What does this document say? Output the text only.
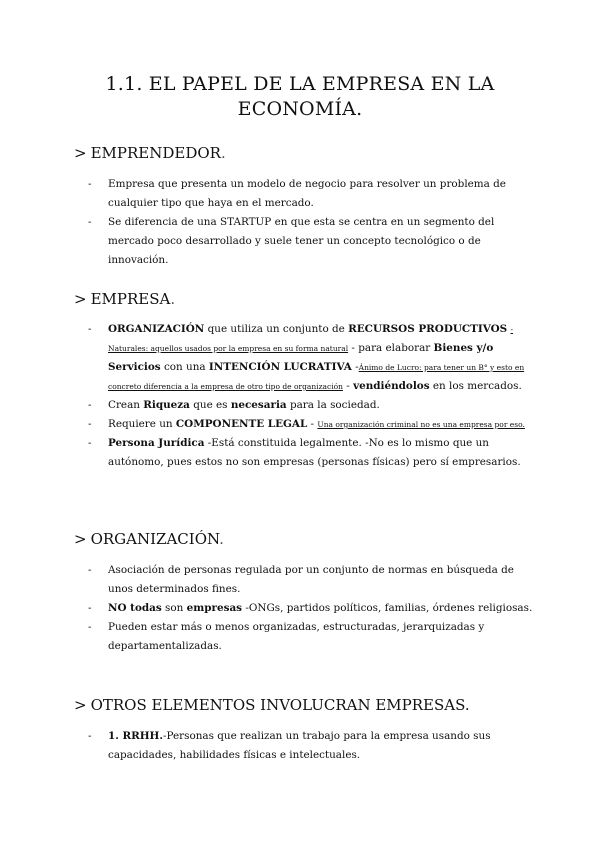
1.1. EL PAPEL DE LA EMPRESA EN LA
ECONOMÍA.
> EMPRENDEDOR.
- Empresa que presenta un modelo de negocio para resolver un problema de cualquier tipo que haya en el mercado.
- Se diferencia de una STARTUP en que esta se centra en un segmento del mercado poco desarrollado y suele tener un concepto tecnológico o de innovación.
> EMPRESA.
- ORGANIZACIÓN que utiliza un conjunto de RECURSOS PRODUCTIVOS -Naturales: aquellos usados por la empresa en su forma natural - para elaborar Bienes y/o Servicios con una INTENCIÓN LUCRATIVA -Ánimo de Lucro: para tener un B° y esto en concreto diferencia a la empresa de otro tipo de organización - vendiéndolos en los mercados.
- Crean Riqueza que es necesaria para la sociedad.
- Requiere un COMPONENTE LEGAL - Una organización criminal no es una empresa por eso.
- Persona Jurídica -Está constituida legalmente. -No es lo mismo que un autónomo, pues estos no son empresas (personas físicas) pero sí empresarios.
> ORGANIZACIÓN.
- Asociación de personas regulada por un conjunto de normas en búsqueda de unos determinados fines.
- NO todas son empresas -ONGs, partidos políticos, familias, órdenes religiosas.
- Pueden estar más o menos organizadas, estructuradas, jerarquizadas y departamentalizadas.
> OTROS ELEMENTOS INVOLUCRAN EMPRESAS.
- 1. RRHH.-Personas que realizan un trabajo para la empresa usando sus capacidades, habilidades físicas e intelectuales.
